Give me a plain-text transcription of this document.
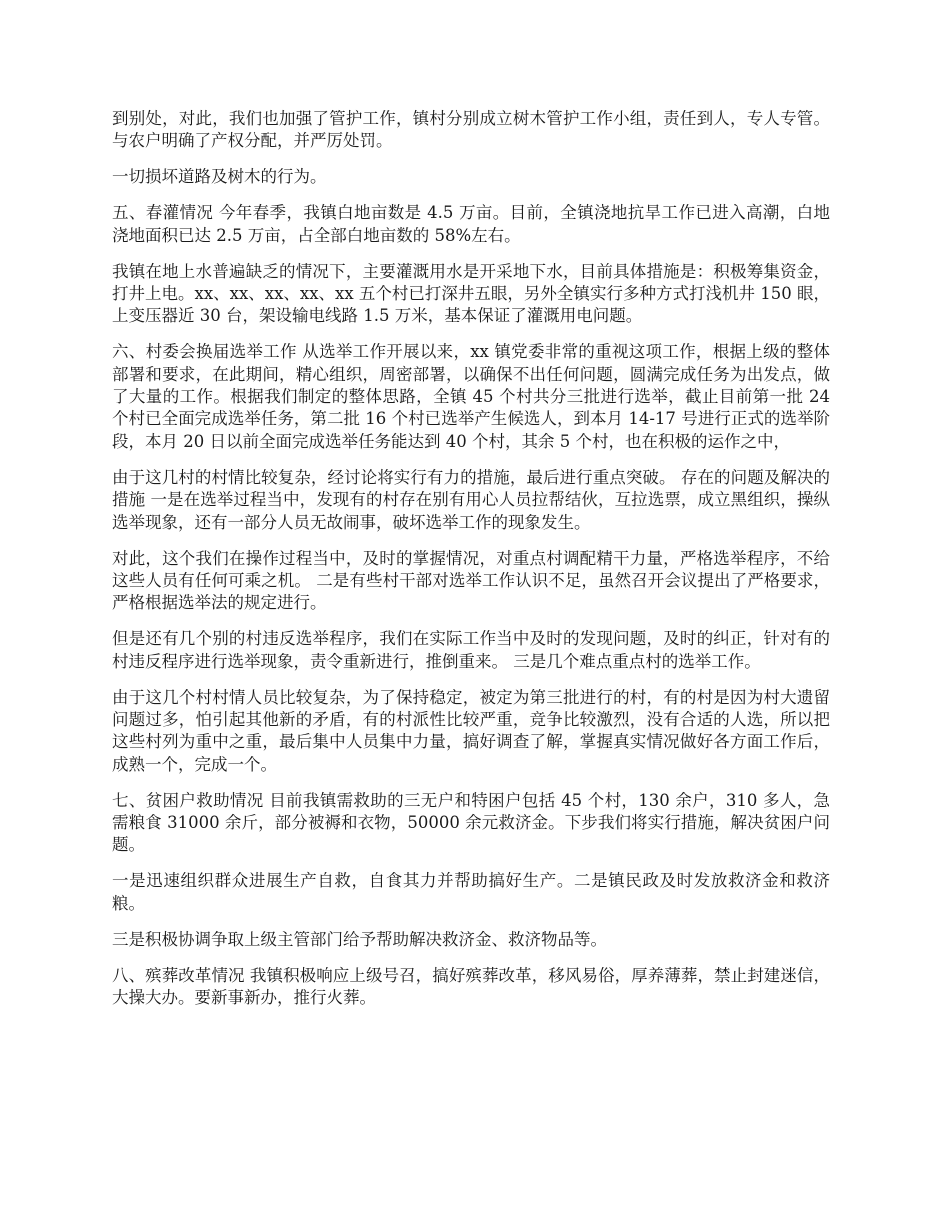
到别处，对此，我们也加强了管护工作，镇村分别成立树木管护工作小组，责任到人，专人专管。与农户明确了产权分配，并严厉处罚。

一切损坏道路及树木的行为。

五、春灌情况 今年春季，我镇白地亩数是 4.5 万亩。目前，全镇浇地抗旱工作已进入高潮，白地浇地面积已达 2.5 万亩，占全部白地亩数的 58%左右。

我镇在地上水普遍缺乏的情况下，主要灌溉用水是开采地下水，目前具体措施是：积极筹集资金，打井上电。xx、xx、xx、xx、xx 五个村已打深井五眼，另外全镇实行多种方式打浅机井 150 眼，上变压器近 30 台，架设输电线路 1.5 万米，基本保证了灌溉用电问题。

六、村委会换届选举工作 从选举工作开展以来，xx 镇党委非常的重视这项工作，根据上级的整体部署和要求，在此期间，精心组织，周密部署，以确保不出任何问题，圆满完成任务为出发点，做了大量的工作。根据我们制定的整体思路，全镇 45 个村共分三批进行选举，截止目前第一批 24 个村已全面完成选举任务，第二批 16 个村已选举产生候选人，到本月 14-17 号进行正式的选举阶段，本月 20 日以前全面完成选举任务能达到 40 个村，其余 5 个村，也在积极的运作之中，

由于这几村的村情比较复杂，经讨论将实行有力的措施，最后进行重点突破。 存在的问题及解决的措施 一是在选举过程当中，发现有的村存在别有用心人员拉帮结伙，互拉选票，成立黑组织，操纵选举现象，还有一部分人员无故闹事，破坏选举工作的现象发生。

对此，这个我们在操作过程当中，及时的掌握情况，对重点村调配精干力量，严格选举程序，不给这些人员有任何可乘之机。 二是有些村干部对选举工作认识不足，虽然召开会议提出了严格要求，严格根据选举法的规定进行。

但是还有几个别的村违反选举程序，我们在实际工作当中及时的发现问题，及时的纠正，针对有的村违反程序进行选举现象，责令重新进行，推倒重来。 三是几个难点重点村的选举工作。

由于这几个村村情人员比较复杂，为了保持稳定，被定为第三批进行的村，有的村是因为村大遗留问题过多，怕引起其他新的矛盾，有的村派性比较严重，竞争比较激烈，没有合适的人选，所以把这些村列为重中之重，最后集中人员集中力量，搞好调查了解，掌握真实情况做好各方面工作后，成熟一个，完成一个。

七、贫困户救助情况 目前我镇需救助的三无户和特困户包括 45 个村，130 余户，310 多人，急需粮食 31000 余斤，部分被褥和衣物，50000 余元救济金。下步我们将实行措施，解决贫困户问题。

一是迅速组织群众进展生产自救，自食其力并帮助搞好生产。二是镇民政及时发放救济金和救济粮。

三是积极协调争取上级主管部门给予帮助解决救济金、救济物品等。

八、殡葬改革情况 我镇积极响应上级号召，搞好殡葬改革，移风易俗，厚养薄葬，禁止封建迷信，大操大办。要新事新办，推行火葬。
